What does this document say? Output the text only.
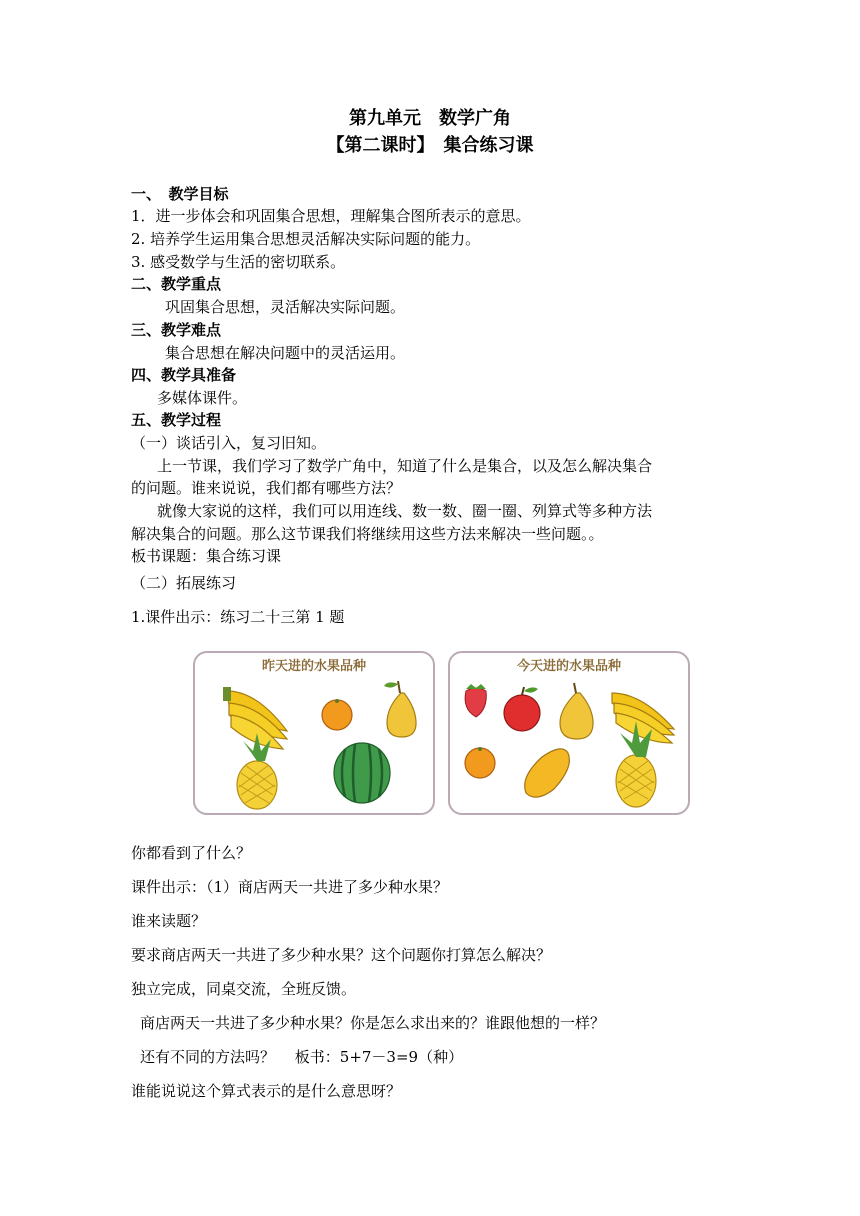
第九单元　数学广角
【第二课时】　集合练习课
一、　教学目标
1．进一步体会和巩固集合思想，理解集合图所表示的意思。
2. 培养学生运用集合思想灵活解决实际问题的能力。
3. 感受数学与生活的密切联系。
二、教学重点
巩固集合思想，灵活解决实际问题。
三、教学难点
集合思想在解决问题中的灵活运用。
四、教学具准备
多媒体课件。
五、教学过程
（一）谈话引入，复习旧知。
上一节课，我们学习了数学广角中，知道了什么是集合，以及怎么解决集合
的问题。谁来说说，我们都有哪些方法？
就像大家说的这样，我们可以用连线、数一数、圈一圈、列算式等多种方法
解决集合的问题。那么这节课我们将继续用这些方法来解决一些问题。。
板书课题：集合练习课
（二）拓展练习
1.课件出示：练习二十三第 1 题
昨天进的水果品种	今天进的水果品种
你都看到了什么？
课件出示：（1）商店两天一共进了多少种水果？
谁来读题？
要求商店两天一共进了多少种水果？这个问题你打算怎么解决？
独立完成，同桌交流，全班反馈。
商店两天一共进了多少种水果？你是怎么求出来的？谁跟他想的一样？
还有不同的方法吗？　 板书：5+7－3=9（种）
谁能说说这个算式表示的是什么意思呀？
